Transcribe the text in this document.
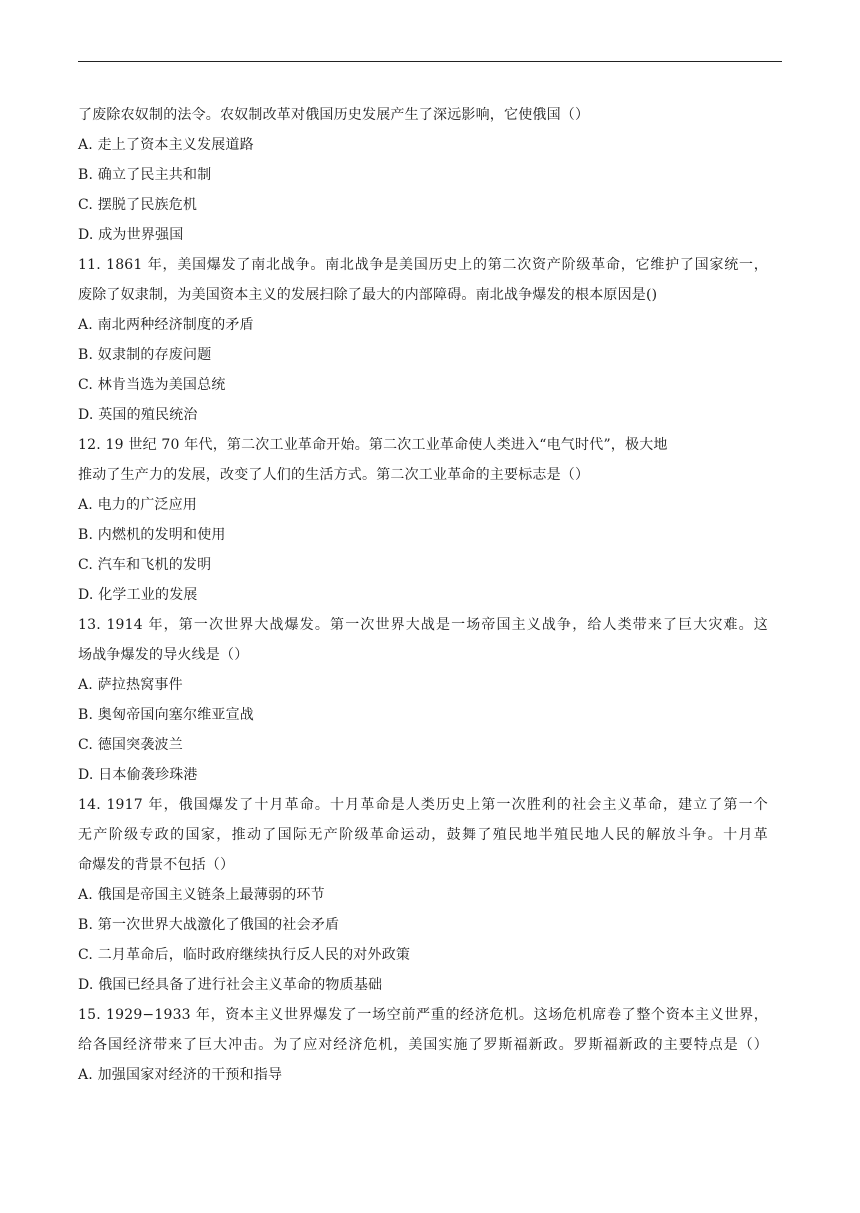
了废除农奴制的法令。农奴制改革对俄国历史发展产生了深远影响，它使俄国（）
A. 走上了资本主义发展道路
B. 确立了民主共和制
C. 摆脱了民族危机
D. 成为世界强国
11. 1861 年，美国爆发了南北战争。南北战争是美国历史上的第二次资产阶级革命，它维护了国家统一，
废除了奴隶制，为美国资本主义的发展扫除了最大的内部障碍。南北战争爆发的根本原因是()
A. 南北两种经济制度的矛盾
B. 奴隶制的存废问题
C. 林肯当选为美国总统
D. 英国的殖民统治
12. 19 世纪 70 年代，第二次工业革命开始。第二次工业革命使人类进入“电气时代”，极大地
推动了生产力的发展，改变了人们的生活方式。第二次工业革命的主要标志是（）
A. 电力的广泛应用
B. 内燃机的发明和使用
C. 汽车和飞机的发明
D. 化学工业的发展
13. 1914 年，第一次世界大战爆发。第一次世界大战是一场帝国主义战争，给人类带来了巨大灾难。这
场战争爆发的导火线是（）
A. 萨拉热窝事件
B. 奥匈帝国向塞尔维亚宣战
C. 德国突袭波兰
D. 日本偷袭珍珠港
14. 1917 年，俄国爆发了十月革命。十月革命是人类历史上第一次胜利的社会主义革命，建立了第一个
无产阶级专政的国家，推动了国际无产阶级革命运动，鼓舞了殖民地半殖民地人民的解放斗争。十月革
命爆发的背景不包括（）
A. 俄国是帝国主义链条上最薄弱的环节
B. 第一次世界大战激化了俄国的社会矛盾
C. 二月革命后，临时政府继续执行反人民的对外政策
D. 俄国已经具备了进行社会主义革命的物质基础
15. 1929−1933 年，资本主义世界爆发了一场空前严重的经济危机。这场危机席卷了整个资本主义世界，
给各国经济带来了巨大冲击。为了应对经济危机，美国实施了罗斯福新政。罗斯福新政的主要特点是（）
A. 加强国家对经济的干预和指导
